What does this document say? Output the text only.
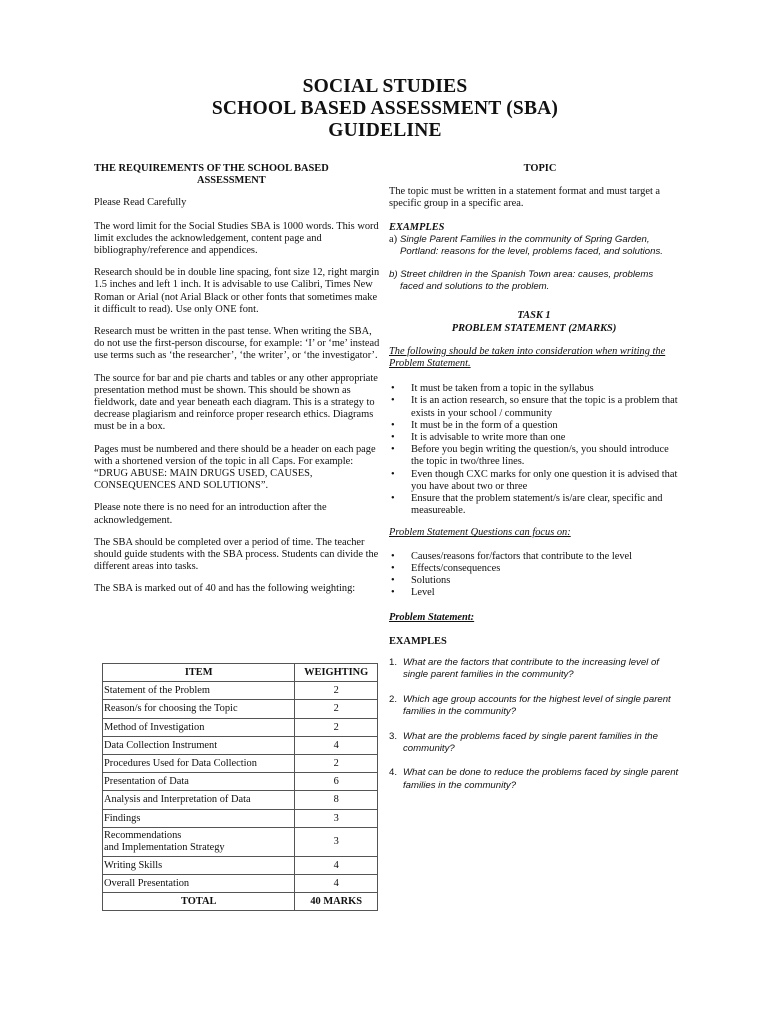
SOCIAL STUDIES
SCHOOL BASED ASSESSMENT (SBA)
GUIDELINE

THE REQUIREMENTS OF THE SCHOOL BASED

ASSESSMENT

Please Read Carefully

The word limit for the Social Studies SBA is 1000 words. This word limit excludes the acknowledgement, content page and bibliography/reference and appendices.

Research should be in double line spacing, font size 12, right margin 1.5 inches and left 1 inch. It is advisable to use Calibri, Times New Roman or Arial (not Arial Black or other fonts that sometimes make it difficult to read). Use only ONE font.

Research must be written in the past tense. When writing the SBA, do not use the first-person discourse, for example: ‘I’ or ‘me’ instead use terms such as ‘the researcher’, ‘the writer’, or ‘the investigator’.

The source for bar and pie charts and tables or any other appropriate presentation method must be shown. This should be shown as fieldwork, date and year beneath each diagram. This is a strategy to decrease plagiarism and reinforce proper research ethics. Diagrams must be in a box.

Pages must be numbered and there should be a header on each page with a shortened version of the topic in all Caps. For example: “DRUG ABUSE: MAIN DRUGS USED, CAUSES, CONSEQUENCES AND SOLUTIONS”.

Please note there is no need for an introduction after the acknowledgement.

The SBA should be completed over a period of time. The teacher should guide students with the SBA process. Students can divide the different areas into tasks.

The SBA is marked out of 40 and has the following weighting:

ITEM	WEIGHTING
Statement of the Problem	2
Reason/s for choosing the Topic	2
Method of Investigation	2
Data Collection Instrument	4
Procedures Used for Data Collection	2
Presentation of Data	6
Analysis and Interpretation of Data	8
Findings	3
Recommendations
and Implementation Strategy	3
Writing Skills	4
Overall Presentation	4
TOTAL	40 MARKS

TOPIC

The topic must be written in a statement format and must target a specific group in a specific area.

EXAMPLES

a) Single Parent Families in the community of Spring Garden, Portland: reasons for the level, problems faced, and solutions.

b) Street children in the Spanish Town area: causes, problems faced and solutions to the problem.

TASK 1

PROBLEM STATEMENT (2MARKS)

The following should be taken into consideration when writing the Problem Statement.

• It must be taken from a topic in the syllabus
• It is an action research, so ensure that the topic is a problem that exists in your school / community
• It must be in the form of a question
• It is advisable to write more than one
• Before you begin writing the question/s, you should introduce the topic in two/three lines.
• Even though CXC marks for only one question it is advised that you have about two or three
• Ensure that the problem statement/s is/are clear, specific and measureable.

Problem Statement Questions can focus on:

• Causes/reasons for/factors that contribute to the level
• Effects/consequences
• Solutions
• Level

Problem Statement:

EXAMPLES

1. What are the factors that contribute to the increasing level of single parent families in the community?
2. Which age group accounts for the highest level of single parent families in the community?
3. What are the problems faced by single parent families in the community?
4. What can be done to reduce the problems faced by single parent families in the community?
